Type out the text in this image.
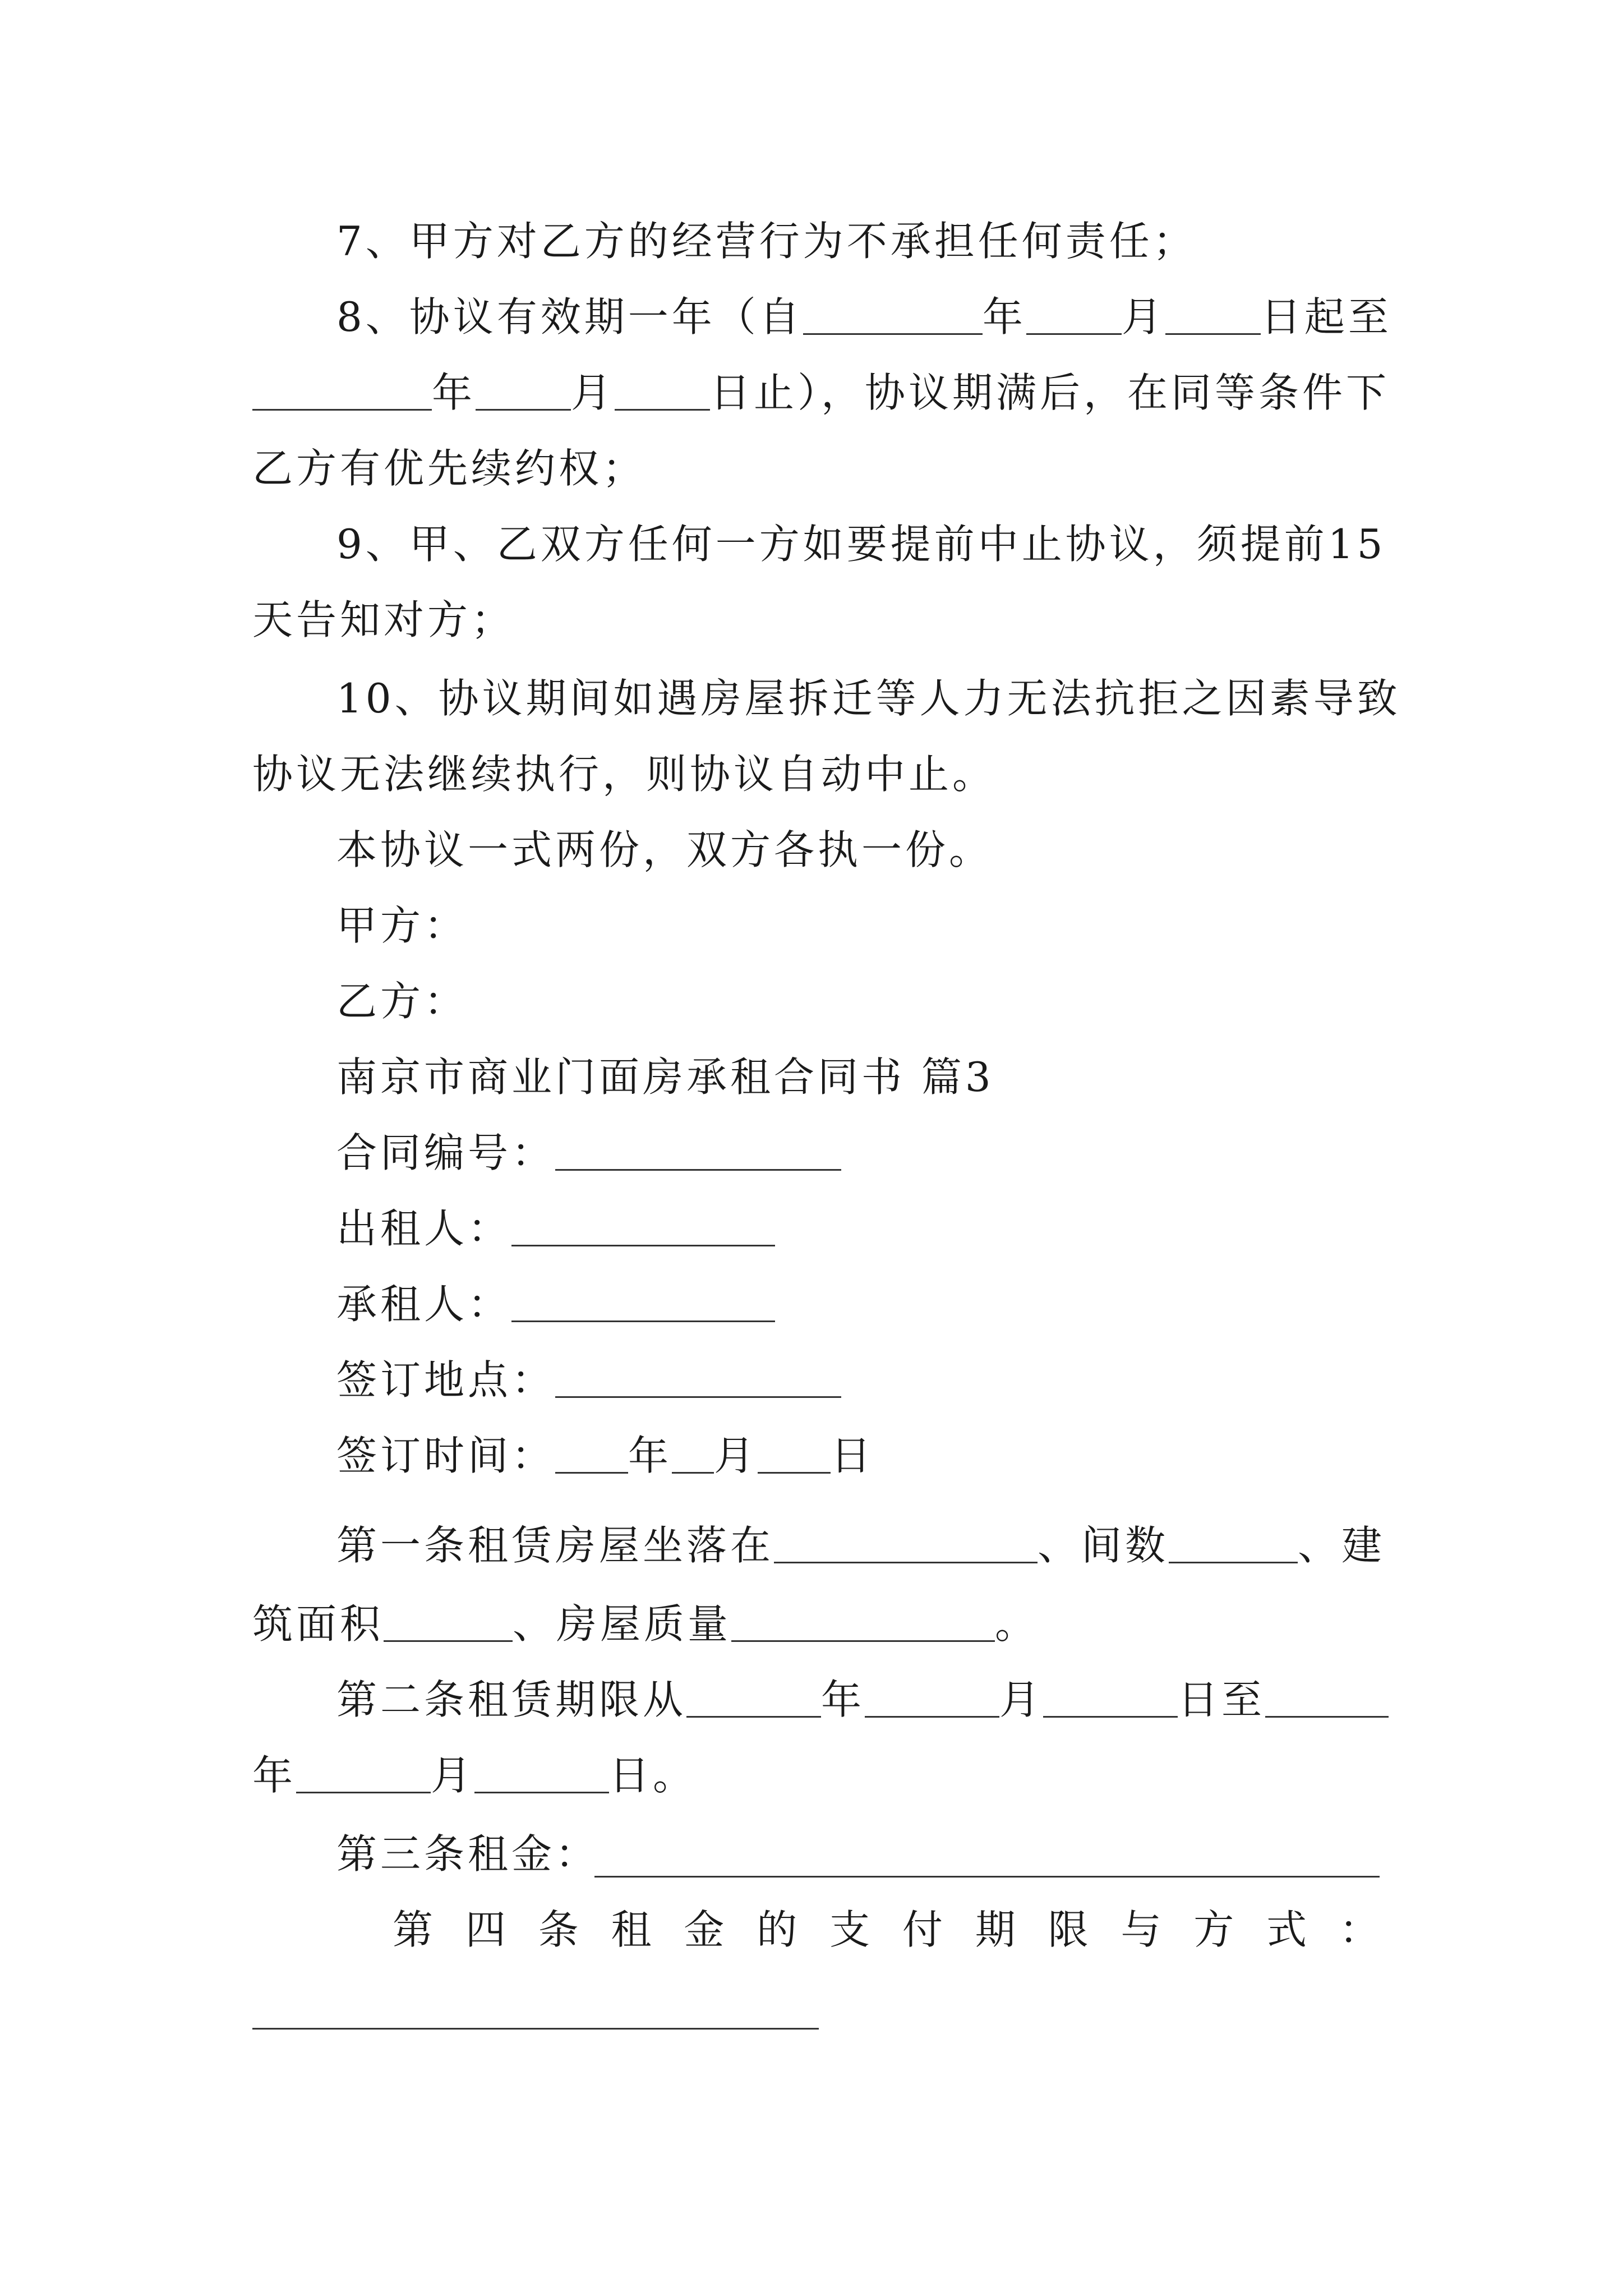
7、甲方对乙方的经营行为不承担任何责任；
8、协议有效期一年（自	年 月 日起至
年 月 日止），协议期满后，在同等条件下
乙方有优先续约权；
9、甲、乙双方任何一方如要提前中止协议，须提前15
天告知对方；
10、协议期间如遇房屋拆迁等人力无法抗拒之因素导致
协议无法继续执行，则协议自动中止。
本协议一式两份，双方各执一份。
甲方：
乙方：
南京市商业门面房承租合同书 篇3
合同编号：
出租人：
承租人：
签订地点：
签订时间： 年 月 日
第一条租赁房屋坐落在	、间数	、建
筑面积	、房屋质量	。
第二条租赁期限从	年	月	日至
年	月	日。
第三条租金：
第 四 条 租 金 的 支 付 期 限 与 方 式 ：
